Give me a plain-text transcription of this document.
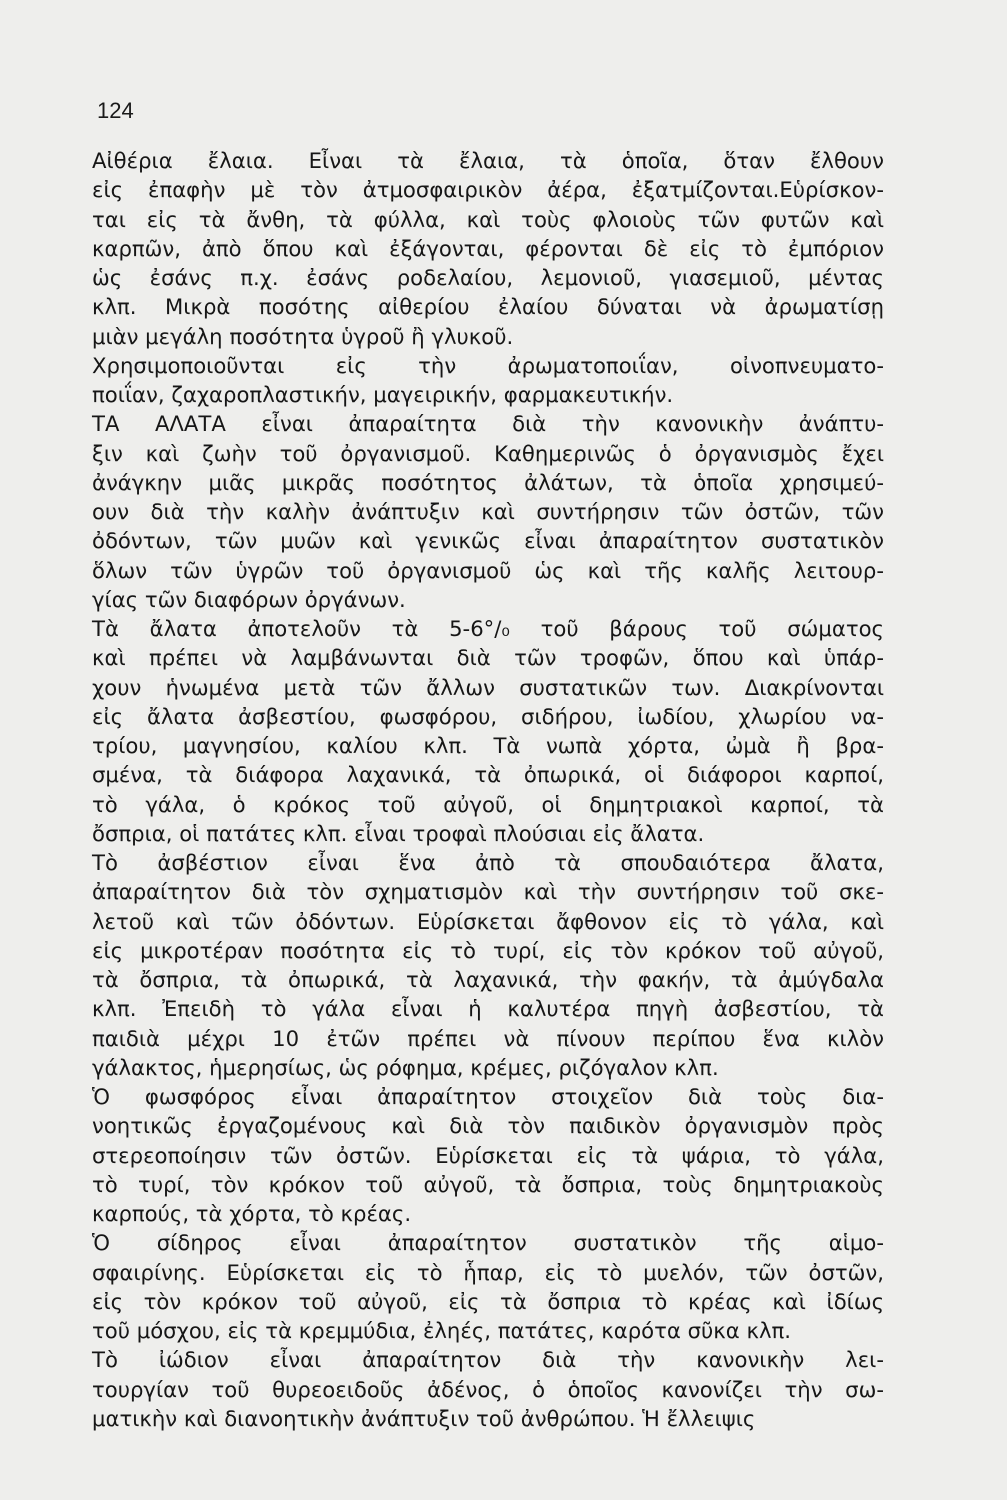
124
Αἰθέρια ἔλαια. Εἶναι τὰ ἔλαια, τὰ ὁποῖα, ὅταν ἔλθουν
εἰς ἐπαφὴν μὲ τὸν ἀτμοσφαιρικὸν ἀέρα, ἐξατμίζονται.Εὑρίσκον-
ται εἰς τὰ ἄνθη, τὰ φύλλα, καὶ τοὺς φλοιοὺς τῶν φυτῶν καὶ
καρπῶν, ἀπὸ ὅπου καὶ ἐξάγονται, φέρονται δὲ εἰς τὸ ἐμπόριον
ὡς ἐσάνς π.χ. ἐσάνς ροδελαίου, λεμονιοῦ, γιασεμιοῦ, μέντας
κλπ. Μικρὰ ποσότης αἰθερίου ἐλαίου δύναται νὰ ἀρωματίσῃ
μιὰν μεγάλη ποσότητα ὑγροῦ ἢ γλυκοῦ.
Χρησιμοποιοῦνται εἰς τὴν ἀρωματοποιΐαν, οἰνοπνευματο-
ποιΐαν, ζαχαροπλαστικήν, μαγειρικήν, φαρμακευτικήν.
ΤΑ ΑΛΑΤΑ εἶναι ἀπαραίτητα διὰ τὴν κανονικὴν ἀνάπτυ-
ξιν καὶ ζωὴν τοῦ ὀργανισμοῦ. Καθημερινῶς ὁ ὀργανισμὸς ἔχει
ἀνάγκην μιᾶς μικρᾶς ποσότητος ἀλάτων, τὰ ὁποῖα χρησιμεύ-
ουν διὰ τὴν καλὴν ἀνάπτυξιν καὶ συντήρησιν τῶν ὀστῶν, τῶν
ὀδόντων, τῶν μυῶν καὶ γενικῶς εἶναι ἀπαραίτητον συστατικὸν
ὅλων τῶν ὑγρῶν τοῦ ὀργανισμοῦ ὡς καὶ τῆς καλῆς λειτουρ-
γίας τῶν διαφόρων ὀργάνων.
Τὰ ἄλατα ἀποτελοῦν τὰ 5-6°/₀ τοῦ βάρους τοῦ σώματος
καὶ πρέπει νὰ λαμβάνωνται διὰ τῶν τροφῶν, ὅπου καὶ ὑπάρ-
χουν ἡνωμένα μετὰ τῶν ἄλλων συστατικῶν των. Διακρίνονται
εἰς ἄλατα ἀσβεστίου, φωσφόρου, σιδήρου, ἰωδίου, χλωρίου να-
τρίου, μαγνησίου, καλίου κλπ. Τὰ νωπὰ χόρτα, ὠμὰ ἢ βρα-
σμένα, τὰ διάφορα λαχανικά, τὰ ὀπωρικά, οἱ διάφοροι καρποί,
τὸ γάλα, ὁ κρόκος τοῦ αὐγοῦ, οἱ δημητριακοὶ καρποί, τὰ
ὄσπρια, οἱ πατάτες κλπ. εἶναι τροφαὶ πλούσιαι εἰς ἄλατα.
Τὸ ἀσβέστιον εἶναι ἕνα ἀπὸ τὰ σπουδαιότερα ἄλατα,
ἀπαραίτητον διὰ τὸν σχηματισμὸν καὶ τὴν συντήρησιν τοῦ σκε-
λετοῦ καὶ τῶν ὀδόντων. Εὑρίσκεται ἄφθονον εἰς τὸ γάλα, καὶ
εἰς μικροτέραν ποσότητα εἰς τὸ τυρί, εἰς τὸν κρόκον τοῦ αὐγοῦ,
τὰ ὄσπρια, τὰ ὀπωρικά, τὰ λαχανικά, τὴν φακήν, τὰ ἀμύγδαλα
κλπ. Ἐπειδὴ τὸ γάλα εἶναι ἡ καλυτέρα πηγὴ ἀσβεστίου, τὰ
παιδιὰ μέχρι 10 ἐτῶν πρέπει νὰ πίνουν περίπου ἕνα κιλὸν
γάλακτος, ἡμερησίως, ὡς ρόφημα, κρέμες, ριζόγαλον κλπ.
Ὁ φωσφόρος εἶναι ἀπαραίτητον στοιχεῖον διὰ τοὺς δια-
νοητικῶς ἐργαζομένους καὶ διὰ τὸν παιδικὸν ὀργανισμὸν πρὸς
στερεοποίησιν τῶν ὀστῶν. Εὑρίσκεται εἰς τὰ ψάρια, τὸ γάλα,
τὸ τυρί, τὸν κρόκον τοῦ αὐγοῦ, τὰ ὄσπρια, τοὺς δημητριακοὺς
καρπούς, τὰ χόρτα, τὸ κρέας.
Ὁ σίδηρος εἶναι ἀπαραίτητον συστατικὸν τῆς αἱμο-
σφαιρίνης. Εὑρίσκεται εἰς τὸ ἧπαρ, εἰς τὸ μυελόν, τῶν ὀστῶν,
εἰς τὸν κρόκον τοῦ αὐγοῦ, εἰς τὰ ὄσπρια τὸ κρέας καὶ ἰδίως
τοῦ μόσχου, εἰς τὰ κρεμμύδια, ἐληές, πατάτες, καρότα σῦκα κλπ.
Τὸ ἰώδιον εἶναι ἀπαραίτητον διὰ τὴν κανονικὴν λει-
τουργίαν τοῦ θυρεοειδοῦς ἀδένος, ὁ ὁποῖος κανονίζει τὴν σω-
ματικὴν καὶ διανοητικὴν ἀνάπτυξιν τοῦ ἀνθρώπου. Ἡ ἔλλειψις
